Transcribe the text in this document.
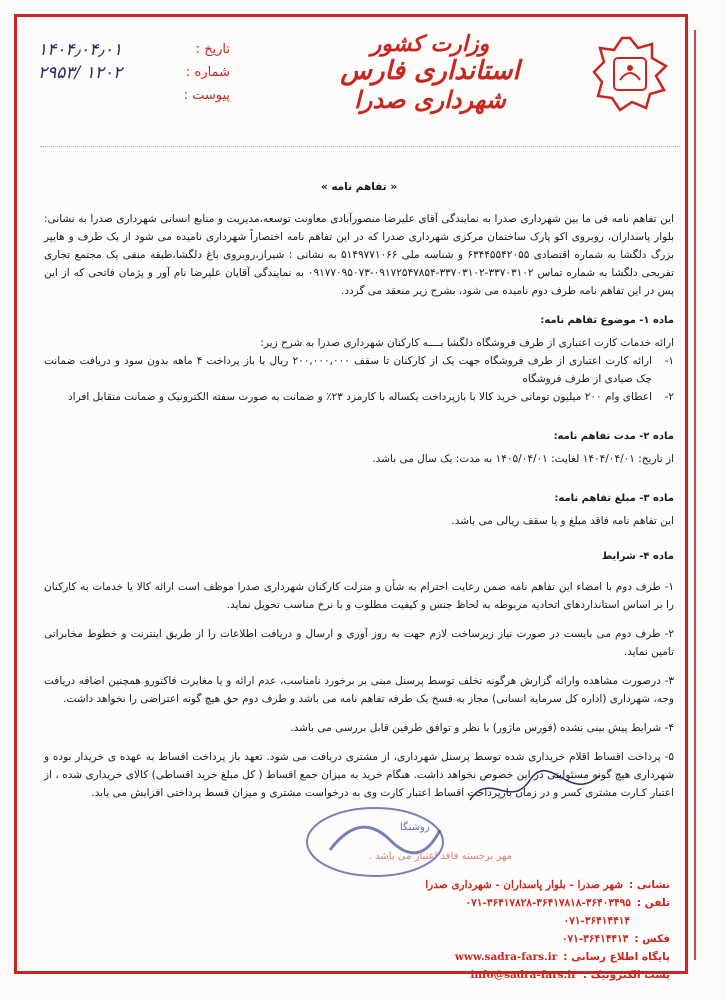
وزارت کشور
استانداری فارس
شهرداری صدرا
تاریخ :
۱۴۰۴٫۰۴٫۰۱
شماره :
۲۹۵۳/ ۱۲۰۲
پیوست :
« تفاهم نامه »

این تفاهم نامه فی ما بین شهرداری صدرا به نمایندگی آقای علیرضا منصورآبادی معاونت توسعه،مدیریت و منابع انسانی شهرداری صدرا به نشانی: بلوار پاسداران، روبروی اکو پارک ساختمان مرکزی شهرداری صدرا که در این تفاهم نامه اختصاراً شهرداری نامیده می شود از یک طرف و هایپر بزرگ دلگشا به شماره اقتصادی ۶۳۴۴۵۵۴۲۰۵۵ و شناسه ملی ۵۱۴۹۷۷۱۰۶۶ به نشانی : شیراز،روبروی باغ دلگشا،طبقه منفی یک مجتمع تجاری تفریحی دلگشا به شماره تماس ۳۳۷۰۳۱۰۲-۳۳۷۰۳۱۰۲-۰۹۱۷۲۵۴۷۸۵۴-۰۹۱۷۷۰۹۵۰۷۳ به نمایندگی آقایان علیرضا نام آور و پژمان فاتحی که از این پس در این تفاهم نامه طرف دوم نامیده می شود، بشرح زیر منعقد می گردد.

ماده ۱- موضوع تفاهم نامه:
ارائه خدمات کارت اعتباری از طرف فروشگاه دلگشا بــــه کارکنان شهرداری صدرا به شرح زیر:
۱-
ارائه کارت اعتباری از طرف فروشگاه جهت یک از کارکنان تا سقف ۲۰۰,۰۰۰,۰۰۰ ریال با باز پرداخت ۴ ماهه بدون سود و دریافت ضمانت چک صیادی از طرف فروشگاه
۲-
اعطای وام ۲۰۰ میلیون تومانی خرید کالا با بازپرداخت یکساله با کارمزد ۲۳٪ و ضمانت به صورت سفته الکترونیک و ضمانت متقابل افراد
ماده ۲- مدت تفاهم نامه:
از تاریخ: ۱۴۰۴/۰۴/۰۱ لغایت: ۱۴۰۵/۰۴/۰۱ به مدت: یک سال می باشد.
ماده ۳- مبلغ تفاهم نامه:
این تفاهم نامه فاقد مبلغ و یا سقف ریالی می باشد.
ماده ۴- شرایط

۱- طرف دوم با امضاء این تفاهم نامه ضمن رعایت احترام به شأن و منزلت کارکنان شهرداری صدرا موظف است ارائه کالا یا خدمات به کارکنان را بر اساس استانداردهای اتحادیه مربوطه به لحاظ جنس و کیفیت مطلوب و با نرخ مناسب تحویل نماید.

۲- طرف دوم می بایست در صورت نیاز زیرساخت لازم جهت به روز آوری و ارسال و دریافت اطلاعات را از طریق اینترنت و خطوط مخابراتی تامین نماید.

۳- درصورت مشاهده وارائه گزارش هرگونه تخلف توسط پرسنل مبنی بر برخورد نامناسب، عدم ارائه و یا مغایرت فاکتورو همچنین اضافه دریافت وجه، شهرداری (اداره کل سرمایه انسانی) مجاز به فسخ یک طرفه تفاهم نامه می باشد و طرف دوم حق هیچ گونه اعتراضی را نخواهد داشت.

۴- شرایط پیش بینی نشده (فورس ماژور) با نظر و توافق طرفین قابل بررسی می باشد.

۵- پرداخت اقساط اقلام خریداری شده توسط پرسنل شهرداری، از مشتری دریافت می شود. تعهد باز پرداخت اقساط به عهده ی خریدار بوده و شهرداری هیچ گونه مسئولیتی در این خصوص نخواهد داشت. هنگام خرید به میزان جمع اقساط ( کل مبلغ خرید اقساطی) کالای خریداری شده ، از اعتبار کـارت مشتری کسر و در زمان بازپرداخت اقساط اعتبار کارت وی به درخواست مشتری و میزان قسط پرداختی افزایش می یابد.

روشنگا
مهر برجسته فاقد اعتبار می باشد .
نشانی :
شهر صدرا - بلوار پاسداران - شهرداری صدرا
تلفن :
۰۷۱-۳۶۴۱۷۸۲۸-۳۶۴۱۷۸۱۸-۳۶۴۰۳۴۹۵
۰۷۱-۳۶۴۱۴۴۱۴
فکس :
۰۷۱-۳۶۴۱۴۴۱۳
پایگاه اطلاع رسانی :
www.sadra-fars.ir
پست الکترونیک :
info@sadra-fars.ir
